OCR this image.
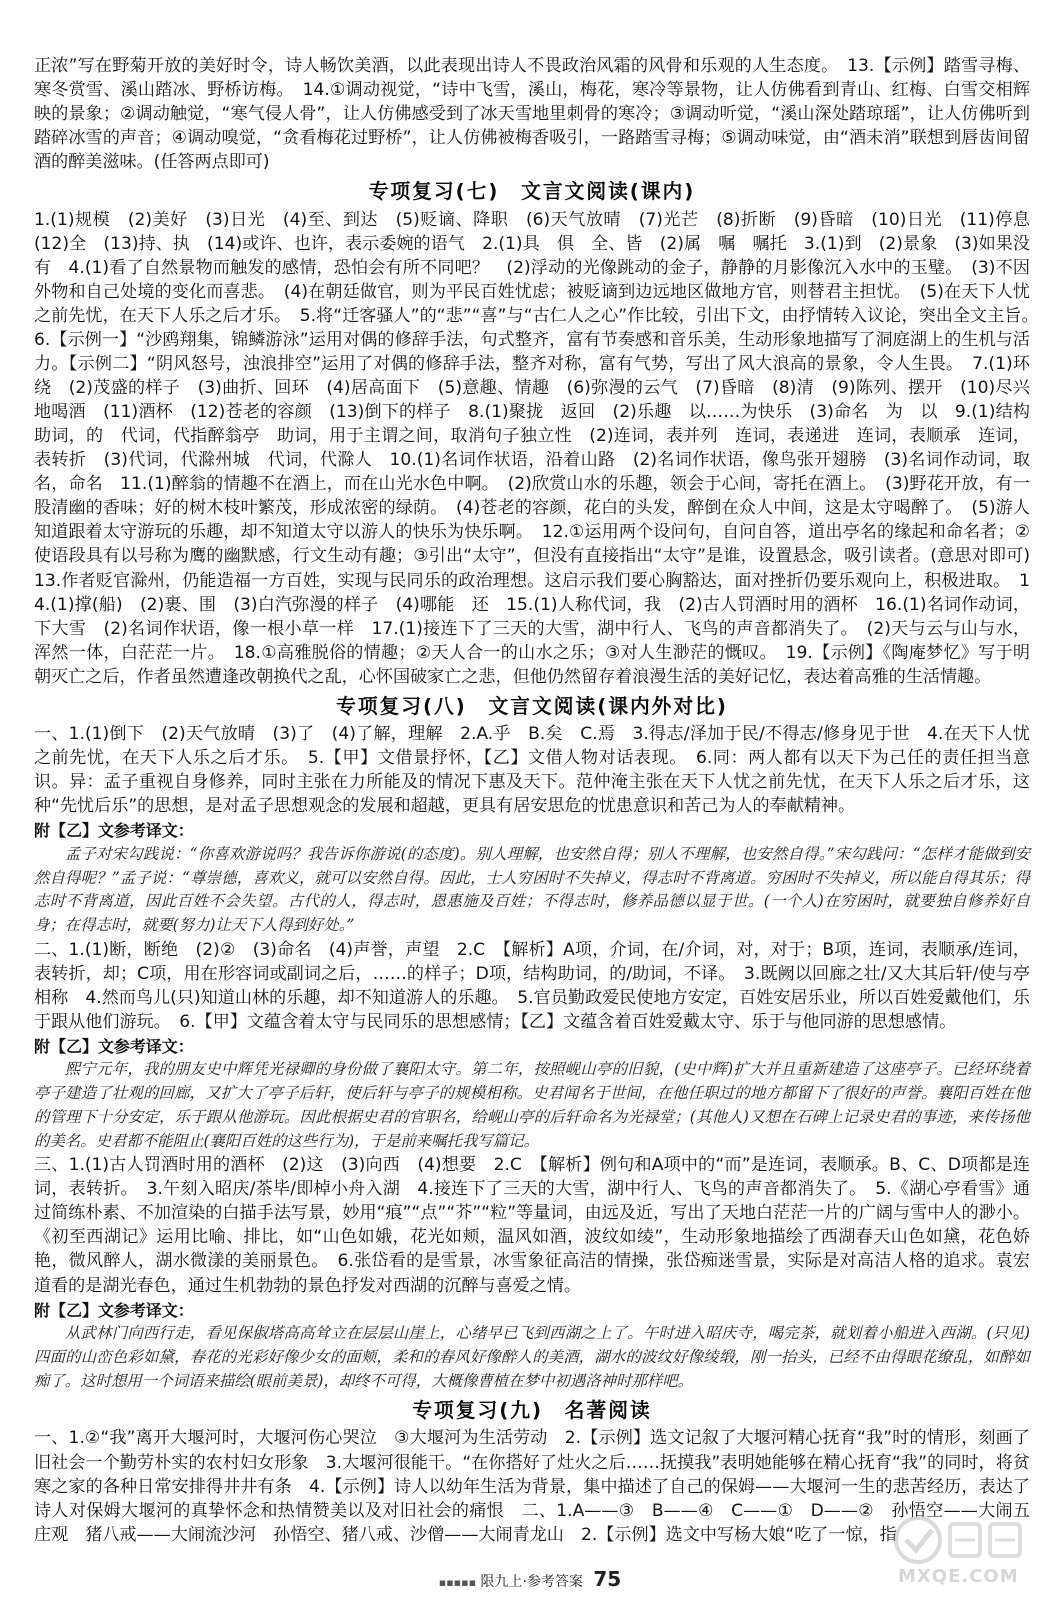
正浓”写在野菊开放的美好时令，诗人畅饮美酒，以此表现出诗人不畏政治风霜的风骨和乐观的人生态度。　13.【示例】踏雪寻梅、寒冬赏雪、溪山踏冰、野桥访梅。　14.①调动视觉，“诗中飞雪，溪山，梅花，寒冷等景物，让人仿佛看到青山、红梅、白雪交相辉映的景象；②调动触觉，“寒气侵人骨”，让人仿佛感受到了冰天雪地里刺骨的寒冷；③调动听觉，“溪山深处踏琼瑶”，让人仿佛听到踏碎冰雪的声音；④调动嗅觉，“贪看梅花过野桥”，让人仿佛被梅香吸引，一路踏雪寻梅；⑤调动味觉，由“酒未消”联想到唇齿间留酒的醉美滋味。(任答两点即可)

专项复习(七)　文言文阅读(课内)

1.(1)规模　(2)美好　(3)日光　(4)至、到达　(5)贬谪、降职　(6)天气放晴　(7)光芒　(8)折断　(9)昏暗　(10)日光　(11)停息　(12)全　(13)持、执　(14)或许、也许，表示委婉的语气　2.(1)具　俱　全、皆　(2)属　嘱　嘱托　3.(1)到　(2)景象　(3)如果没有　4.(1)看了自然景物而触发的感情，恐怕会有所不同吧？　(2)浮动的光像跳动的金子，静静的月影像沉入水中的玉璧。　(3)不因外物和自己处境的变化而喜悲。　(4)在朝廷做官，则为平民百姓忧虑；被贬谪到边远地区做地方官，则替君主担忧。　(5)在天下人忧之前先忧，在天下人乐之后才乐。　5.将“迁客骚人”的“悲”“喜”与“古仁人之心”作比较，引出下文，由抒情转入议论，突出全文主旨。　6.【示例一】“沙鸥翔集，锦鳞游泳”运用对偶的修辞手法，句式整齐，富有节奏感和音乐美，生动形象地描写了洞庭湖上的生机与活力。【示例二】“阴风怒号，浊浪排空”运用了对偶的修辞手法，整齐对称，富有气势，写出了风大浪高的景象，令人生畏。　7.(1)环绕　(2)茂盛的样子　(3)曲折、回环　(4)居高面下　(5)意趣、情趣　(6)弥漫的云气　(7)昏暗　(8)清　(9)陈列、摆开　(10)尽兴地喝酒　(11)酒杯　(12)苍老的容颜　(13)倒下的样子　8.(1)聚拢　返回　(2)乐趣　以……为快乐　(3)命名　为　以　9.(1)结构助词，的　代词，代指醉翁亭　助词，用于主谓之间，取消句子独立性　(2)连词，表并列　连词，表递进　连词，表顺承　连词，表转折　(3)代词，代滁州城　代词，代滁人　10.(1)名词作状语，沿着山路　(2)名词作状语，像鸟张开翅膀　(3)名词作动词，取名，命名　11.(1)醉翁的情趣不在酒上，而在山光水色中啊。　(2)欣赏山水的乐趣，领会于心间，寄托在酒上。　(3)野花开放，有一股清幽的香味；好的树木枝叶繁茂，形成浓密的绿荫。　(4)苍老的容颜，花白的头发，醉倒在众人中间，这是太守喝醉了。　(5)游人知道跟着太守游玩的乐趣，却不知道太守以游人的快乐为快乐啊。　12.①运用两个设问句，自问自答，道出亭名的缘起和命名者；②使语段具有以号称为鹰的幽默感，行文生动有趣；③引出“太守”，但没有直接指出“太守”是谁，设置悬念，吸引读者。(意思对即可)　13.作者贬官滁州，仍能造福一方百姓，实现与民同乐的政治理想。这启示我们要心胸豁达，面对挫折仍要乐观向上，积极进取。　14.(1)撑(船)　(2)裹、围　(3)白汽弥漫的样子　(4)哪能　还　15.(1)人称代词，我　(2)古人罚酒时用的酒杯　16.(1)名词作动词，下大雪　(2)名词作状语，像一根小草一样　17.(1)接连下了三天的大雪，湖中行人、飞鸟的声音都消失了。　(2)天与云与山与水，浑然一体，白茫茫一片。　18.①高雅脱俗的情趣；②天人合一的山水之乐；③对人生渺茫的慨叹。　19.【示例】《陶庵梦忆》写于明朝灭亡之后，作者虽然遭逢改朝换代之乱，心怀国破家亡之悲，但他仍然留存着浪漫生活的美好记忆，表达着高雅的生活情趣。

专项复习(八)　文言文阅读(课内外对比)

一、1.(1)倒下　(2)天气放晴　(3)了　(4)了解，理解　2.A.乎　B.矣　C.焉　3.得志/泽加于民/不得志/修身见于世　4.在天下人忧之前先忧，在天下人乐之后才乐。　5.【甲】文借景抒怀，【乙】文借人物对话表现。　6.同：两人都有以天下为己任的责任担当意识。异：孟子重视自身修养，同时主张在力所能及的情况下惠及天下。范仲淹主张在天下人忧之前先忧，在天下人乐之后才乐，这种“先忧后乐”的思想，是对孟子思想观念的发展和超越，更具有居安思危的忧患意识和苦己为人的奉献精神。

附【乙】文参考译文：

孟子对宋勾践说：“你喜欢游说吗？我告诉你游说(的态度)。别人理解，也安然自得；别人不理解，也安然自得。”宋勾践问：“怎样才能做到安然自得呢？”孟子说：“尊崇德，喜欢义，就可以安然自得。因此，士人穷困时不失掉义，得志时不背离道。穷困时不失掉义，所以能自得其乐；得志时不背离道，因此百姓不会失望。古代的人，得志时，恩惠施及百姓；不得志时，修养品德以显于世。(一个人)在穷困时，就要独自修养好自身；在得志时，就要(努力)让天下人得到好处。”

二、1.(1)断，断绝　(2)②　(3)命名　(4)声誉，声望　2.C　【解析】A项，介词，在/介词，对，对于；B项，连词，表顺承/连词，表转折，却；C项，用在形容词或副词之后，……的样子；D项，结构助词，的/助词，不译。　3.既阙以回廊之壮/又大其后轩/使与亭相称　4.然而鸟儿(只)知道山林的乐趣，却不知道游人的乐趣。　5.官员勤政爱民使地方安定，百姓安居乐业，所以百姓爱戴他们，乐于跟从他们游玩。　6.【甲】文蕴含着太守与民同乐的思想感情；【乙】文蕴含着百姓爱戴太守、乐于与他同游的思想感情。

附【乙】文参考译文：

熙宁元年，我的朋友史中辉凭光禄卿的身份做了襄阳太守。第二年，按照岘山亭的旧貌，(史中辉)扩大并且重新建造了这座亭子。已经环绕着亭子建造了壮观的回廊，又扩大了亭子后轩，使后轩与亭子的规模相称。史君闻名于世间，在他任职过的地方都留下了很好的声誉。襄阳百姓在他的管理下十分安定，乐于跟从他游玩。因此根据史君的官职名，给岘山亭的后轩命名为光禄堂；(其他人)又想在石碑上记录史君的事迹，来传扬他的美名。史君都不能阻止(襄阳百姓的这些行为)，于是前来嘱托我写篇记。

三、1.(1)古人罚酒时用的酒杯　(2)这　(3)向西　(4)想要　2.C　【解析】例句和A项中的“而”是连词，表顺承。B、C、D项都是连词，表转折。　3.午刻入昭庆/茶毕/即棹小舟入湖　4.接连下了三天的大雪，湖中行人、飞鸟的声音都消失了。　5.《湖心亭看雪》通过简练朴素、不加渲染的白描手法写景，妙用“痕”“点”“芥”“粒”等量词，由远及近，写出了天地白茫茫一片的广阔与雪中人的渺小。《初至西湖记》运用比喻、排比，如“山色如娥，花光如颊，温风如酒，波纹如绫”，生动形象地描绘了西湖春天山色如黛，花色娇艳，微风醉人，湖水微漾的美丽景色。　6.张岱看的是雪景，冰雪象征高洁的情操，张岱痴迷雪景，实际是对高洁人格的追求。袁宏道看的是湖光春色，通过生机勃勃的景色抒发对西湖的沉醉与喜爱之情。

附【乙】文参考译文：

从武林门向西行走，看见保俶塔高高耸立在层层山崖上，心绪早已飞到西湖之上了。午时进入昭庆寺，喝完茶，就划着小船进入西湖。(只见)四面的山峦色彩如黛，春花的光彩好像少女的面颊，柔和的春风好像醉人的美酒，湖水的波纹好像绫缎，刚一抬头，已经不由得眼花缭乱，如醉如痴了。这时想用一个词语来描绘(眼前美景)，却终不可得，大概像曹植在梦中初遇洛神时那样吧。

专项复习(九)　名著阅读

一、1.②“我”离开大堰河时，大堰河伤心哭泣　③大堰河为生活劳动　2.【示例】选文记叙了大堰河精心抚育“我”时的情形，刻画了旧社会一个勤劳朴实的农村妇女形象　3.大堰河很能干。“在你搭好了灶火之后……抚摸我”表明她能够在精心抚育“我”的同时，将贫寒之家的各种日常安排得井井有条　4.【示例】诗人以幼年生活为背景，集中描述了自己的保姆——大堰河一生的悲苦经历，表达了诗人对保姆大堰河的真挚怀念和热情赞美以及对旧社会的痛恨　二、1.A——③　B——④　C——①　D——②　孙悟空——大闹五庄观　猪八戒——大闹流沙河　孙悟空、猪八戒、沙僧——大闹青龙山　2.【示例】选文中写杨大娘“吃了一惊，指

▪▪▪▪▪ 限九上·参考答案 75	MXQE.COM
